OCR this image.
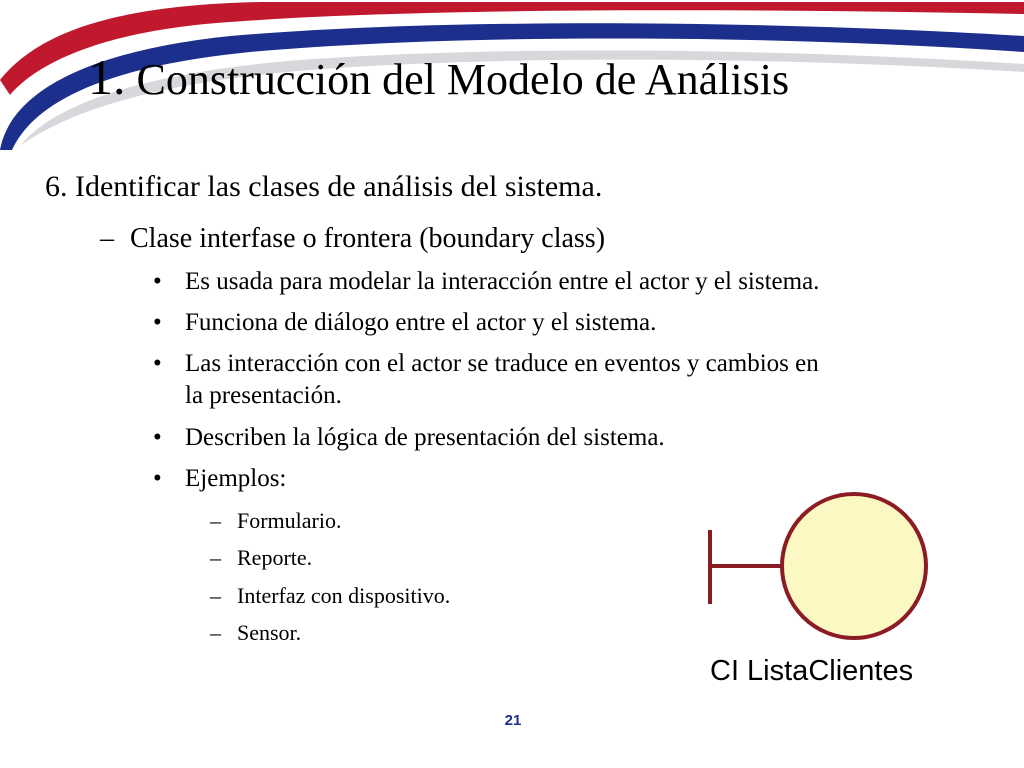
1. Construcción del Modelo de Análisis
6. Identificar las clases de análisis del sistema.
– Clase interfase o frontera (boundary class)
• Es usada para modelar la interacción entre el actor y el sistema.
• Funciona de diálogo entre el actor y el sistema.
• Las interacción con el actor se traduce en eventos y cambios en
la presentación.
• Describen la lógica de presentación del sistema.
• Ejemplos:
– Formulario.
– Reporte.
– Interfaz con dispositivo.
– Sensor.
CI ListaClientes
21
